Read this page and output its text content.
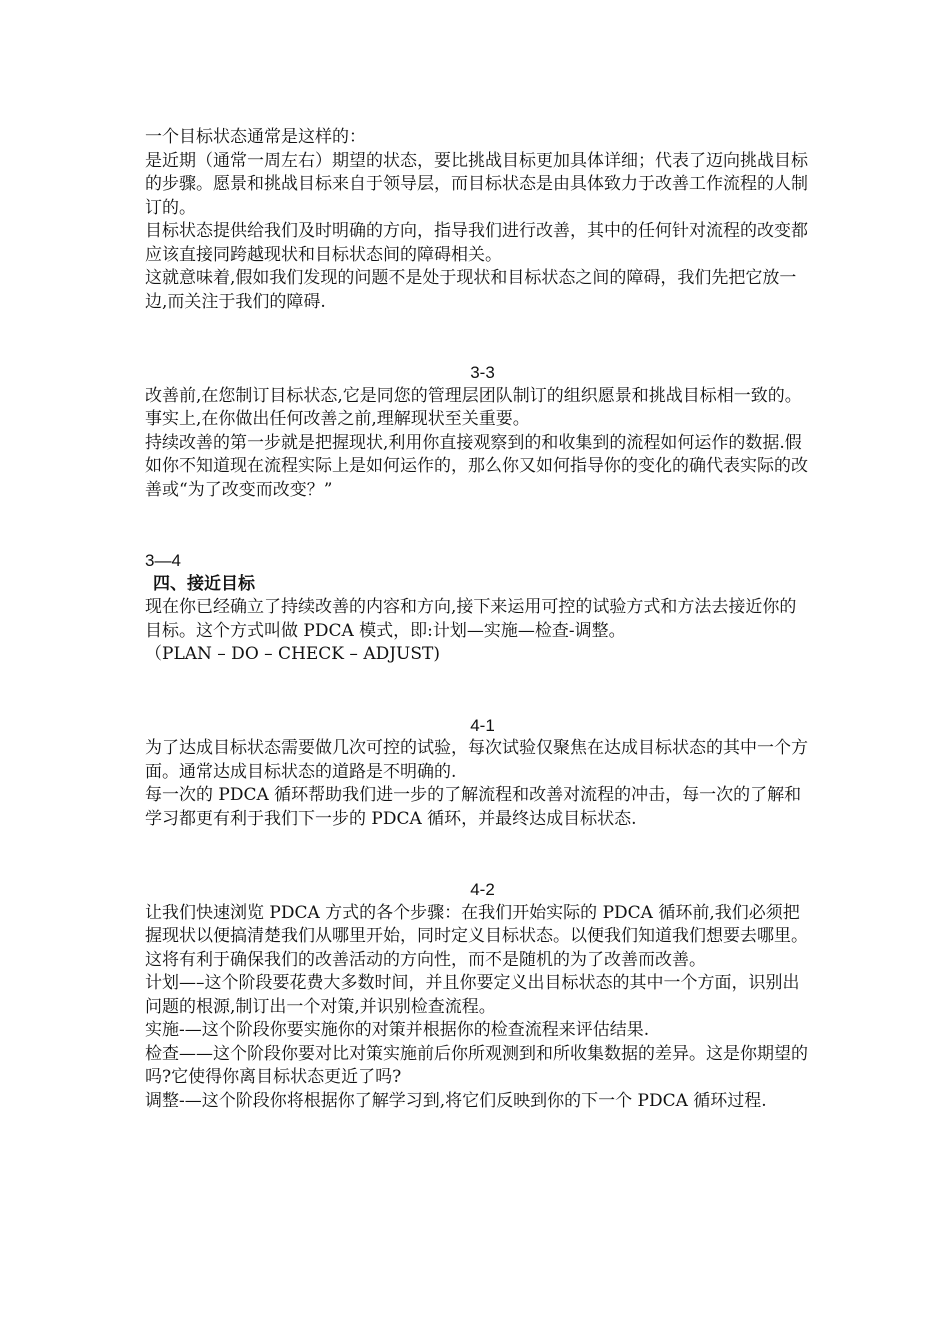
一个目标状态通常是这样的：

是近期（通常一周左右）期望的状态，要比挑战目标更加具体详细；代表了迈向挑战目标的步骤。愿景和挑战目标来自于领导层，而目标状态是由具体致力于改善工作流程的人制订的。

目标状态提供给我们及时明确的方向，指导我们进行改善，其中的任何针对流程的改变都应该直接同跨越现状和目标状态间的障碍相关。

这就意味着,假如我们发现的问题不是处于现状和目标状态之间的障碍，我们先把它放一边,而关注于我们的障碍.

3-3

改善前,在您制订目标状态,它是同您的管理层团队制订的组织愿景和挑战目标相一致的。事实上,在你做出任何改善之前,理解现状至关重要。

持续改善的第一步就是把握现状,利用你直接观察到的和收集到的流程如何运作的数据.假如你不知道现在流程实际上是如何运作的，那么你又如何指导你的变化的确代表实际的改善或“为了改变而改变？”

3—4

四、接近目标

现在你已经确立了持续改善的内容和方向,接下来运用可控的试验方式和方法去接近你的目标。这个方式叫做 PDCA 模式，即:计划—实施—检查-调整。

（PLAN – DO – CHECK – ADJUST)

4-1

为了达成目标状态需要做几次可控的试验，每次试验仅聚焦在达成目标状态的其中一个方面。通常达成目标状态的道路是不明确的.

每一次的 PDCA 循环帮助我们进一步的了解流程和改善对流程的冲击，每一次的了解和学习都更有利于我们下一步的 PDCA 循环，并最终达成目标状态.

4-2

让我们快速浏览 PDCA 方式的各个步骤：在我们开始实际的 PDCA 循环前,我们必须把握现状以便搞清楚我们从哪里开始，同时定义目标状态。以便我们知道我们想要去哪里。

这将有利于确保我们的改善活动的方向性，而不是随机的为了改善而改善。

计划—–这个阶段要花费大多数时间，并且你要定义出目标状态的其中一个方面，识别出问题的根源,制订出一个对策,并识别检查流程。

实施-—这个阶段你要实施你的对策并根据你的检查流程来评估结果.

检查——这个阶段你要对比对策实施前后你所观测到和所收集数据的差异。这是你期望的吗?它使得你离目标状态更近了吗?

调整-—这个阶段你将根据你了解学习到,将它们反映到你的下一个 PDCA 循环过程.
